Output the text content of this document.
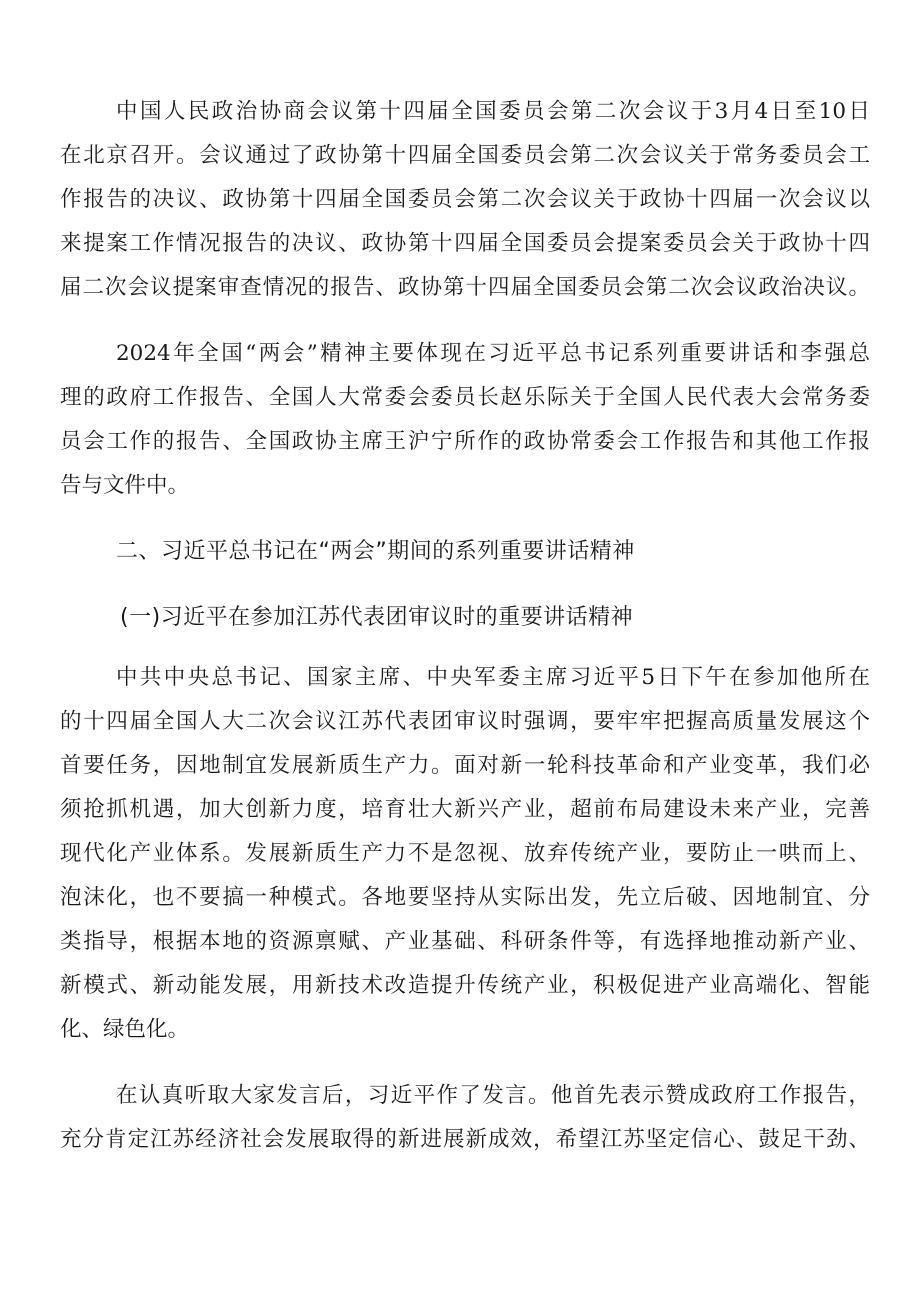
中国人民政治协商会议第十四届全国委员会第二次会议于3月4日至10日
在北京召开。会议通过了政协第十四届全国委员会第二次会议关于常务委员会工
作报告的决议、政协第十四届全国委员会第二次会议关于政协十四届一次会议以
来提案工作情况报告的决议、政协第十四届全国委员会提案委员会关于政协十四
届二次会议提案审查情况的报告、政协第十四届全国委员会第二次会议政治决议。
2024年全国“两会”精神主要体现在习近平总书记系列重要讲话和李强总
理的政府工作报告、全国人大常委会委员长赵乐际关于全国人民代表大会常务委
员会工作的报告、全国政协主席王沪宁所作的政协常委会工作报告和其他工作报
告与文件中。
二、习近平总书记在“两会”期间的系列重要讲话精神
(一)习近平在参加江苏代表团审议时的重要讲话精神
中共中央总书记、国家主席、中央军委主席习近平5日下午在参加他所在
的十四届全国人大二次会议江苏代表团审议时强调，要牢牢把握高质量发展这个
首要任务，因地制宜发展新质生产力。面对新一轮科技革命和产业变革，我们必
须抢抓机遇，加大创新力度，培育壮大新兴产业，超前布局建设未来产业，完善
现代化产业体系。发展新质生产力不是忽视、放弃传统产业，要防止一哄而上、
泡沫化，也不要搞一种模式。各地要坚持从实际出发，先立后破、因地制宜、分
类指导，根据本地的资源禀赋、产业基础、科研条件等，有选择地推动新产业、
新模式、新动能发展，用新技术改造提升传统产业，积极促进产业高端化、智能
化、绿色化。
在认真听取大家发言后，习近平作了发言。他首先表示赞成政府工作报告，
充分肯定江苏经济社会发展取得的新进展新成效，希望江苏坚定信心、鼓足干劲、
